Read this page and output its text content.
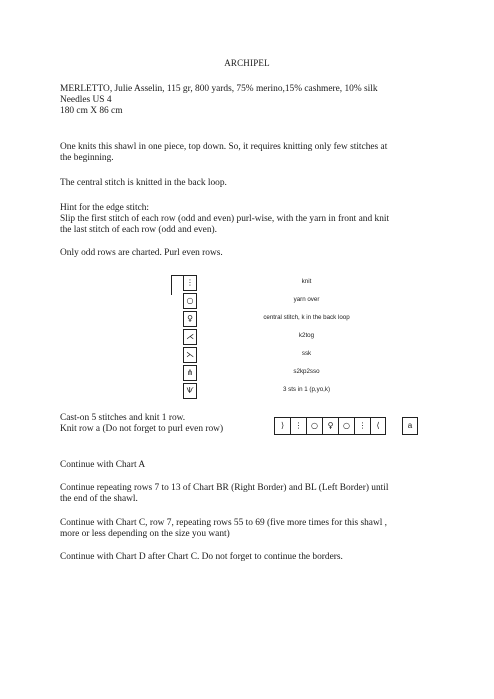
ARCHIPEL
MERLETTO, Julie Asselin, 115 gr, 800 yards, 75% merino,15% cashmere, 10% silk
Needles US 4
180 cm X 86 cm
One knits this shawl in one piece, top down. So, it requires knitting only few stitches at
the beginning.
The central stitch is knitted in the back loop.
Hint for the edge stitch:
Slip the first stitch of each row (odd and even) purl-wise, with the yarn in front and knit
the last stitch of each row (odd and even).
Only odd rows are charted. Purl even rows.
⋮	knit
○	yarn over
♀	central stitch, k in the back loop
⋌	k2tog
⋋	ssk
⋔	s2kp2sso
Ѱ	3 sts in 1 (p,yo,k)
Cast-on 5 stitches and knit 1 row.
Knit row a (Do not forget to purl even row)	⟩	⋮	○	♀	○	⋮	⟨	a
Continue with Chart A
Continue repeating rows 7 to 13 of Chart BR (Right Border) and BL (Left Border) until
the end of the shawl.
Continue with Chart C, row 7, repeating rows 55 to 69 (five more times for this shawl ,
more or less depending on the size you want)
Continue with Chart D after Chart C. Do not forget to continue the borders.
